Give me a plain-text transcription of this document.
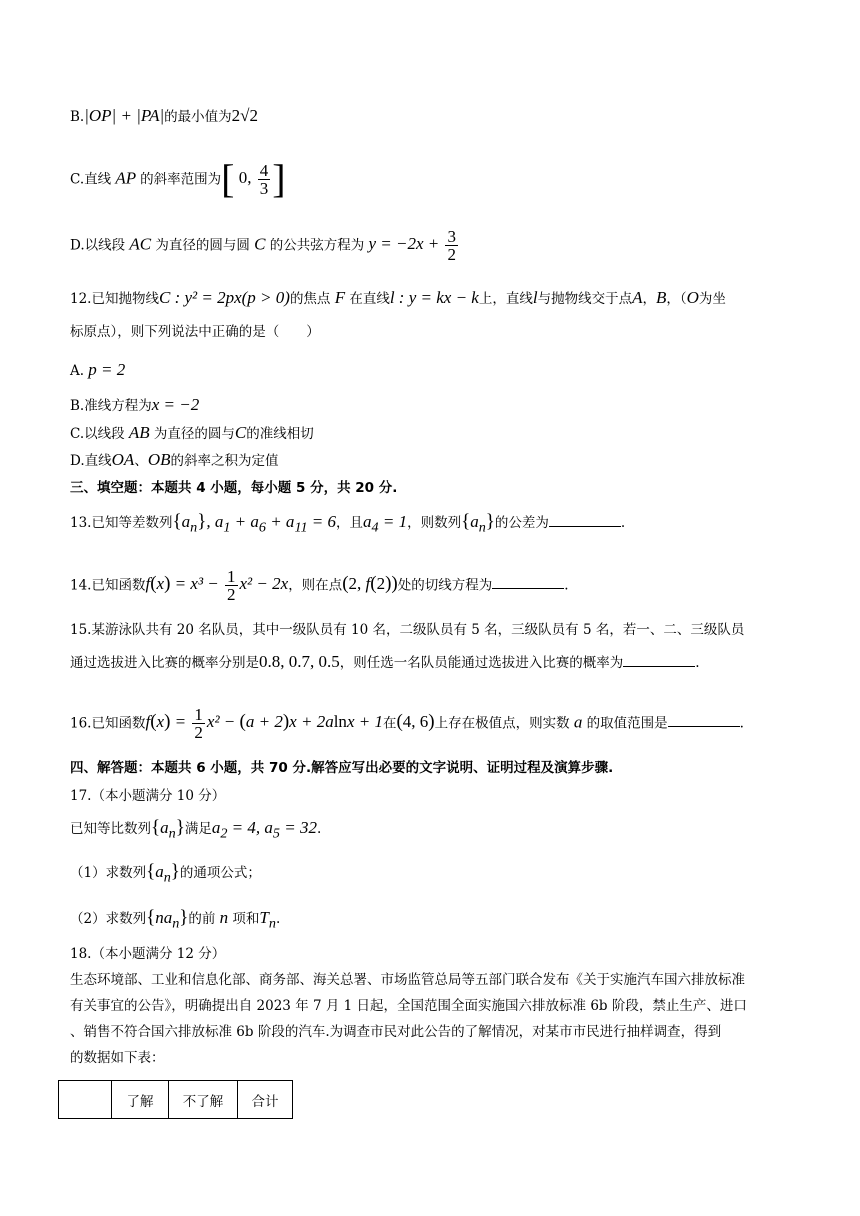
B.|OP| + |PA|的最小值为2√2
C.直线 AP 的斜率范围为[ 0, $\frac{4}{3}$ ]
D.以线段 AC 为直径的圆与圆 C 的公共弦方程为 $y = -2x + \frac{3}{2}$
12.已知抛物线C : y² = 2px(p > 0)的焦点 F 在直线l : y = kx − k上，直线l与抛物线交于点A，B，（O为坐
标原点），则下列说法中正确的是（　　）
A. p = 2
B.准线方程为x = −2
C.以线段 AB 为直径的圆与C的准线相切
D.直线OA、OB的斜率之积为定值
三、填空题：本题共 4 小题，每小题 5 分，共 20 分.
13.已知等差数列$\{a_n\}$, $a_1 + a_6 + a_{11} = 6$，且$a_4 = 1$，则数列$\{a_n\}$的公差为	.
14.已知函数$f(x) = x^3 - \frac{1}{2} x^2 - 2x$，则在点(2, f(2))处的切线方程为	.
15.某游泳队共有 20 名队员，其中一级队员有 10 名，二级队员有 5 名，三级队员有 5 名，若一、二、三级队员
通过选拔进入比赛的概率分别是0.8, 0.7, 0.5，则任选一名队员能通过选拔进入比赛的概率为	.
16.已知函数$f(x) = \frac{1}{2} x^2 - (a + 2)x + 2alnx + 1$在(4, 6)上存在极值点，则实数 a 的取值范围是	.
四、解答题：本题共 6 小题，共 70 分.解答应写出必要的文字说明、证明过程及演算步骤.
17.（本小题满分 10 分）
已知等比数列$\{a_n\}$满足$a_2 = 4$, $a_5 = 32$.
（1）求数列$\{a_n\}$的通项公式；
（2）求数列$\{na_n\}$的前 n 项和$T_n$.
18.（本小题满分 12 分）
生态环境部、工业和信息化部、商务部、海关总署、市场监管总局等五部门联合发布《关于实施汽车国六排放标准
有关事宜的公告》，明确提出自 2023 年 7 月 1 日起，全国范围全面实施国六排放标准 6b 阶段，禁止生产、进口
、销售不符合国六排放标准 6b 阶段的汽车.为调查市民对此公告的了解情况，对某市市民进行抽样调查，得到
的数据如下表：
	了解	不了解	合计
